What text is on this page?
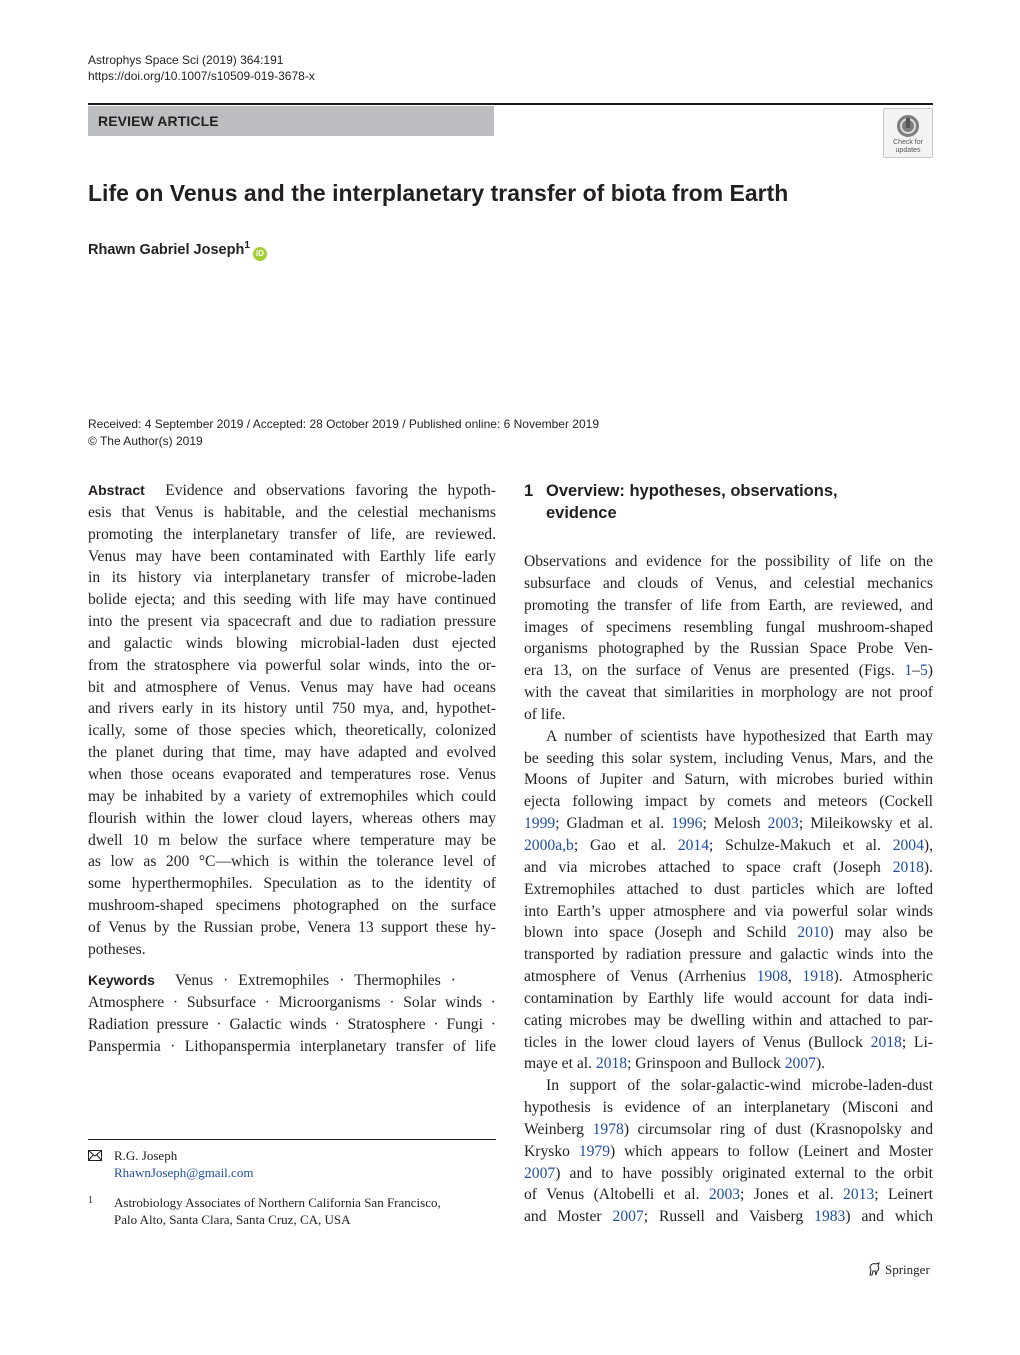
Astrophys Space Sci (2019) 364:191
https://doi.org/10.1007/s10509-019-3678-x
REVIEW ARTICLE
Check for
updates
Life on Venus and the interplanetary transfer of biota from Earth
Rhawn Gabriel Joseph$^1$iD
Received: 4 September 2019 / Accepted: 28 October 2019 / Published online: 6 November 2019
© The Author(s) 2019
Abstract Evidence and observations favoring the hypoth-
esis that Venus is habitable, and the celestial mechanisms
promoting the interplanetary transfer of life, are reviewed.
Venus may have been contaminated with Earthly life early
in its history via interplanetary transfer of microbe-laden
bolide ejecta; and this seeding with life may have continued
into the present via spacecraft and due to radiation pressure
and galactic winds blowing microbial-laden dust ejected
from the stratosphere via powerful solar winds, into the or-
bit and atmosphere of Venus. Venus may have had oceans
and rivers early in its history until 750 mya, and, hypothet-
ically, some of those species which, theoretically, colonized
the planet during that time, may have adapted and evolved
when those oceans evaporated and temperatures rose. Venus
may be inhabited by a variety of extremophiles which could
flourish within the lower cloud layers, whereas others may
dwell 10 m below the surface where temperature may be
as low as 200 °C—which is within the tolerance level of
some hyperthermophiles. Speculation as to the identity of
mushroom-shaped specimens photographed on the surface
of Venus by the Russian probe, Venera 13 support these hy-
potheses.
Keywords Venus · Extremophiles · Thermophiles ·
Atmosphere · Subsurface · Microorganisms · Solar winds ·
Radiation pressure · Galactic winds · Stratosphere · Fungi ·
Panspermia · Lithopanspermia interplanetary transfer of life
R.G. Joseph
RhawnJoseph@gmail.com
1 Astrobiology Associates of Northern California San Francisco,
Palo Alto, Santa Clara, Santa Cruz, CA, USA
1 Overview: hypotheses, observations,
evidence

Observations and evidence for the possibility of life on the
subsurface and clouds of Venus, and celestial mechanics
promoting the transfer of life from Earth, are reviewed, and
images of specimens resembling fungal mushroom-shaped
organisms photographed by the Russian Space Probe Ven-
era 13, on the surface of Venus are presented (Figs. 1–5)
with the caveat that similarities in morphology are not proof
of life.

A number of scientists have hypothesized that Earth may
be seeding this solar system, including Venus, Mars, and the
Moons of Jupiter and Saturn, with microbes buried within
ejecta following impact by comets and meteors (Cockell
1999; Gladman et al. 1996; Melosh 2003; Mileikowsky et al.
2000a,b; Gao et al. 2014; Schulze-Makuch et al. 2004),
and via microbes attached to space craft (Joseph 2018).
Extremophiles attached to dust particles which are lofted
into Earth’s upper atmosphere and via powerful solar winds
blown into space (Joseph and Schild 2010) may also be
transported by radiation pressure and galactic winds into the
atmosphere of Venus (Arrhenius 1908, 1918). Atmospheric
contamination by Earthly life would account for data indi-
cating microbes may be dwelling within and attached to par-
ticles in the lower cloud layers of Venus (Bullock 2018; Li-
maye et al. 2018; Grinspoon and Bullock 2007).

In support of the solar-galactic-wind microbe-laden-dust
hypothesis is evidence of an interplanetary (Misconi and
Weinberg 1978) circumsolar ring of dust (Krasnopolsky and
Krysko 1979) which appears to follow (Leinert and Moster
2007) and to have possibly originated external to the orbit
of Venus (Altobelli et al. 2003; Jones et al. 2013; Leinert
and Moster 2007; Russell and Vaisberg 1983) and which

Springer
